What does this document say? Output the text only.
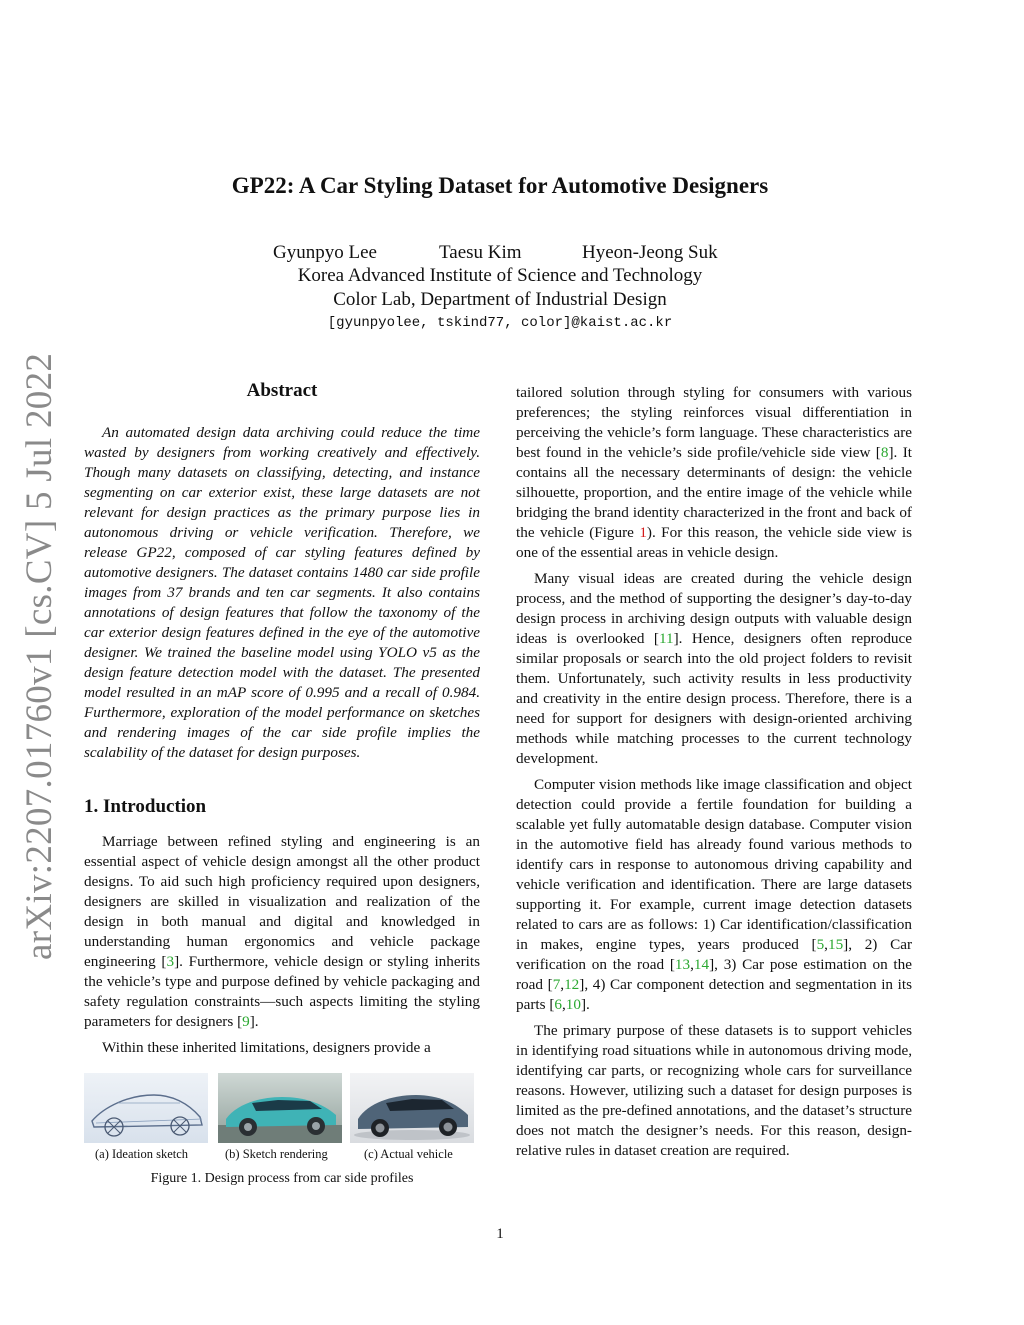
arXiv:2207.01760v1 [cs.CV] 5 Jul 2022
GP22: A Car Styling Dataset for Automotive Designers
Gyunpyo Lee	Taesu Kim	Hyeon-Jeong Suk
Korea Advanced Institute of Science and Technology
Color Lab, Department of Industrial Design
[gyunpyolee, tskind77, color]@kaist.ac.kr
Abstract
An automated design data archiving could reduce the time wasted by designers from working creatively and effectively. Though many datasets on classifying, detecting, and instance segmenting on car exterior exist, these large datasets are not relevant for design practices as the primary purpose lies in autonomous driving or vehicle verification. Therefore, we release GP22, composed of car styling features defined by automotive designers. The dataset contains 1480 car side profile images from 37 brands and ten car segments. It also contains annotations of design features that follow the taxonomy of the car exterior design features defined in the eye of the automotive designer. We trained the baseline model using YOLO v5 as the design feature detection model with the dataset. The presented model resulted in an mAP score of 0.995 and a recall of 0.984. Furthermore, exploration of the model performance on sketches and rendering images of the car side profile implies the scalability of the dataset for design purposes.
1. Introduction

Marriage between refined styling and engineering is an essential aspect of vehicle design amongst all the other product designs. To aid such high proficiency required upon designers, designers are skilled in visualization and realization of the design in both manual and digital and knowledged in understanding human ergonomics and vehicle package engineering [3]. Furthermore, vehicle design or styling inherits the vehicle’s type and purpose defined by vehicle packaging and safety regulation constraints—such aspects limiting the styling parameters for designers [9].

Within these inherited limitations, designers provide a

(a) Ideation sketch	(b) Sketch rendering	(c) Actual vehicle
Figure 1. Design process from car side profiles

tailored solution through styling for consumers with various preferences; the styling reinforces visual differentiation in perceiving the vehicle’s form language. These characteristics are best found in the vehicle’s side profile/vehicle side view [8]. It contains all the necessary determinants of design: the vehicle silhouette, proportion, and the entire image of the vehicle while bridging the brand identity characterized in the front and back of the vehicle (Figure 1). For this reason, the vehicle side view is one of the essential areas in vehicle design.

Many visual ideas are created during the vehicle design process, and the method of supporting the designer’s day-to-day design process in archiving design outputs with valuable design ideas is overlooked [11]. Hence, designers often reproduce similar proposals or search into the old project folders to revisit them. Unfortunately, such activity results in less productivity and creativity in the entire design process. Therefore, there is a need for support for designers with design-oriented archiving methods while matching processes to the current technology development.

Computer vision methods like image classification and object detection could provide a fertile foundation for building a scalable yet fully automatable design database. Computer vision in the automotive field has already found various methods to identify cars in response to autonomous driving capability and vehicle verification and identification. There are large datasets supporting it. For example, current image detection datasets related to cars are as follows: 1) Car identification/classification in makes, engine types, years produced [5,15], 2) Car verification on the road [13,14], 3) Car pose estimation on the road [7,12], 4) Car component detection and segmentation in its parts [6,10].

The primary purpose of these datasets is to support vehicles in identifying road situations while in autonomous driving mode, identifying car parts, or recognizing whole cars for surveillance reasons. However, utilizing such a dataset for design purposes is limited as the pre-defined annotations, and the dataset’s structure does not match the designer’s needs. For this reason, design-relative rules in dataset creation are required.

1
